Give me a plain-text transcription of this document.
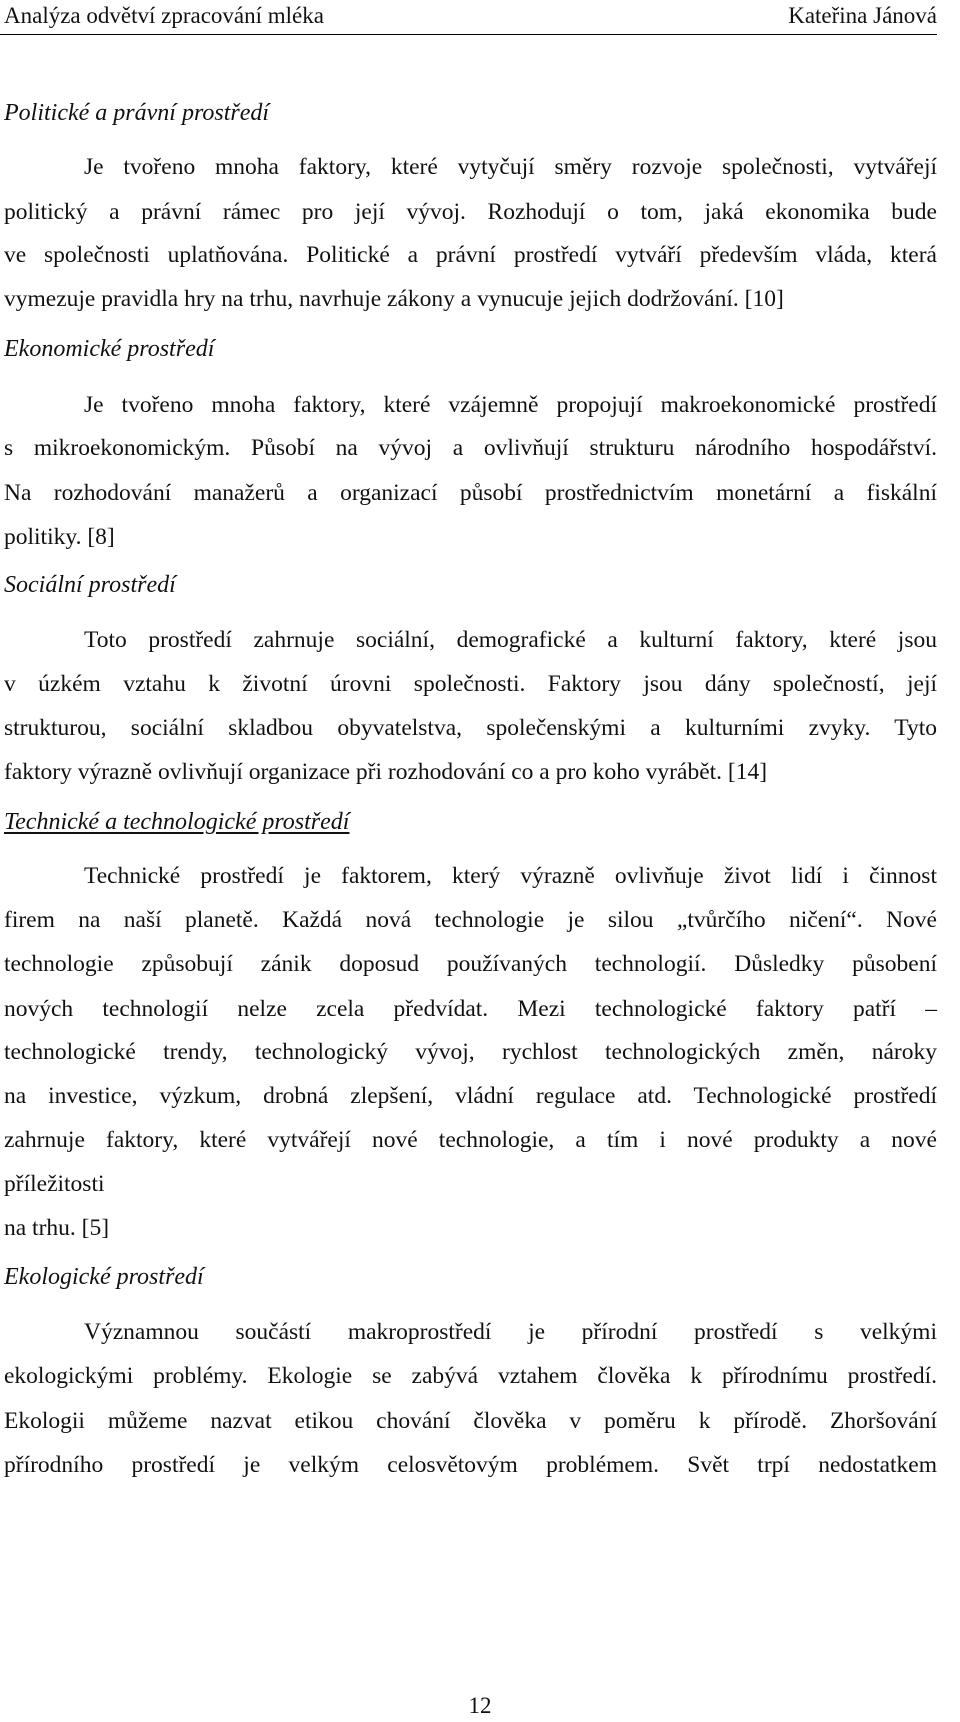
Analýza odvětví zpracování mléka	Kateřina Jánová
Politické a právní prostředí
Je tvořeno mnoha faktory, které vytyčují směry rozvoje společnosti, vytvářejí
politický a právní rámec pro její vývoj. Rozhodují o tom, jaká ekonomika bude
ve společnosti uplatňována. Politické a právní prostředí vytváří především vláda, která
vymezuje pravidla hry na trhu, navrhuje zákony a vynucuje jejich dodržování. [10]
Ekonomické prostředí
Je tvořeno mnoha faktory, které vzájemně propojují makroekonomické prostředí
s mikroekonomickým. Působí na vývoj a ovlivňují strukturu národního hospodářství.
Na rozhodování manažerů a organizací působí prostřednictvím monetární a fiskální
politiky. [8]
Sociální prostředí
Toto prostředí zahrnuje sociální, demografické a kulturní faktory, které jsou
v úzkém vztahu k životní úrovni společnosti. Faktory jsou dány společností, její
strukturou, sociální skladbou obyvatelstva, společenskými a kulturními zvyky. Tyto
faktory výrazně ovlivňují organizace při rozhodování co a pro koho vyrábět. [14]
Technické a technologické prostředí
Technické prostředí je faktorem, který výrazně ovlivňuje život lidí i činnost
firem na naší planetě. Každá nová technologie je silou „tvůrčího ničení“. Nové
technologie způsobují zánik doposud používaných technologií. Důsledky působení
nových technologií nelze zcela předvídat. Mezi technologické faktory patří –
technologické trendy, technologický vývoj, rychlost technologických změn, nároky
na investice, výzkum, drobná zlepšení, vládní regulace atd. Technologické prostředí
zahrnuje faktory, které vytvářejí nové technologie, a tím i nové produkty a nové
příležitosti
na trhu. [5]
Ekologické prostředí
Významnou součástí makroprostředí je přírodní prostředí s velkými
ekologickými problémy. Ekologie se zabývá vztahem člověka k přírodnímu prostředí.
Ekologii můžeme nazvat etikou chování člověka v poměru k přírodě. Zhoršování
přírodního prostředí je velkým celosvětovým problémem. Svět trpí nedostatkem
12
